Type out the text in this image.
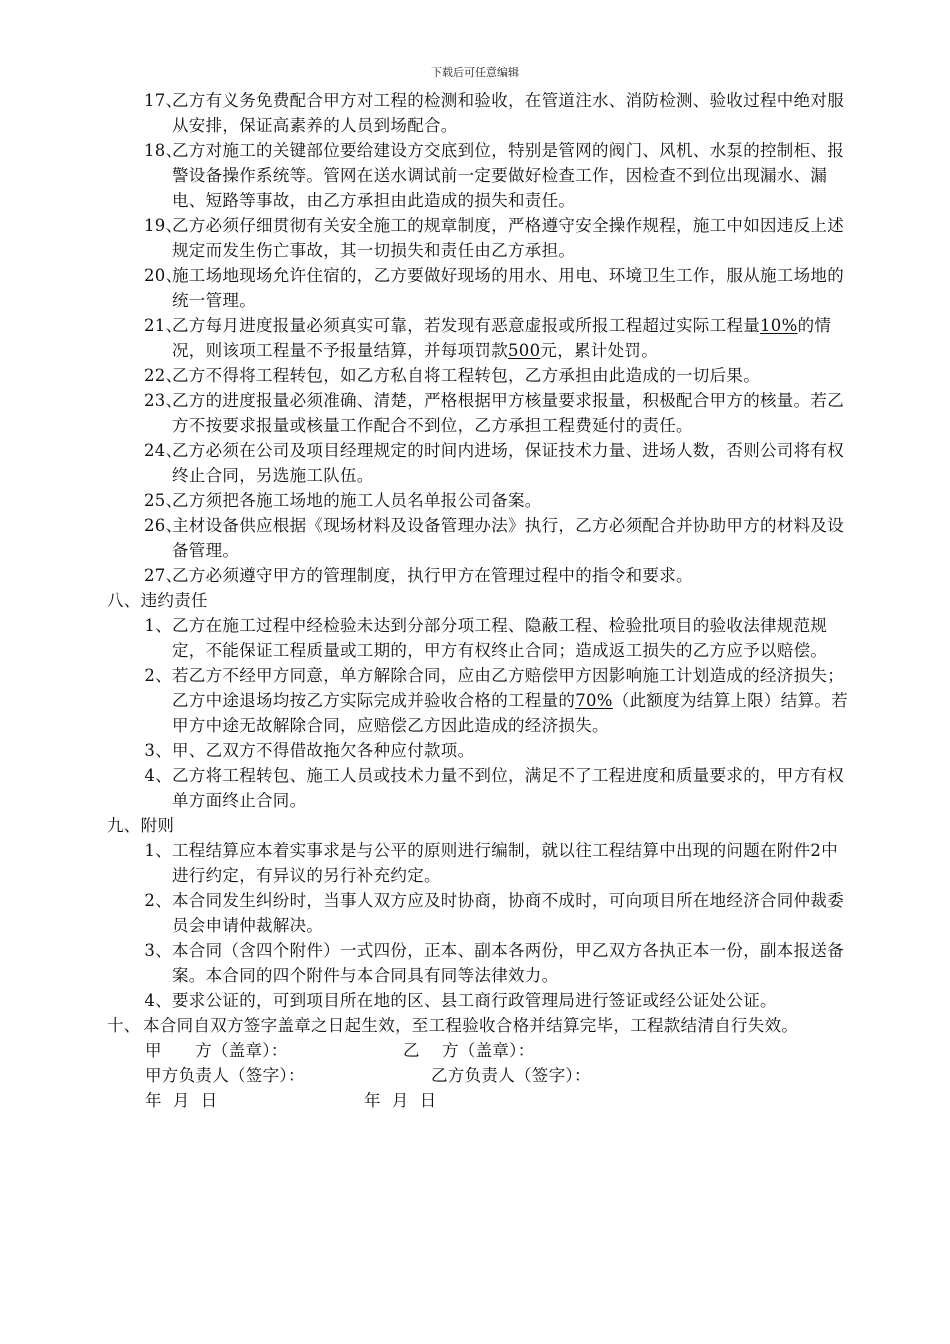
下载后可任意编辑
17、
乙方有义务免费配合甲方对工程的检测和验收，在管道注水、消防检测、验收过程中绝对服从安排，保证高素养的人员到场配合。
18、
乙方对施工的关键部位要给建设方交底到位，特别是管网的阀门、风机、水泵的控制柜、报警设备操作系统等。管网在送水调试前一定要做好检查工作，因检查不到位出现漏水、漏电、短路等事故，由乙方承担由此造成的损失和责任。
19、
乙方必须仔细贯彻有关安全施工的规章制度，严格遵守安全操作规程，施工中如因违反上述规定而发生伤亡事故，其一切损失和责任由乙方承担。
20、
施工场地现场允许住宿的，乙方要做好现场的用水、用电、环境卫生工作，服从施工场地的统一管理。
21、
乙方每月进度报量必须真实可靠，若发现有恶意虚报或所报工程超过实际工程量10%的情况，则该项工程量不予报量结算，并每项罚款500元，累计处罚。
22、
乙方不得将工程转包，如乙方私自将工程转包，乙方承担由此造成的一切后果。
23、
乙方的进度报量必须准确、清楚，严格根据甲方核量要求报量，积极配合甲方的核量。若乙方不按要求报量或核量工作配合不到位，乙方承担工程费延付的责任。
24、
乙方必须在公司及项目经理规定的时间内进场，保证技术力量、进场人数，否则公司将有权终止合同，另选施工队伍。
25、
乙方须把各施工场地的施工人员名单报公司备案。
26、
主材设备供应根据《现场材料及设备管理办法》执行，乙方必须配合并协助甲方的材料及设备管理。
27、
乙方必须遵守甲方的管理制度，执行甲方在管理过程中的指令和要求。
八、违约责任
1、 乙方在施工过程中经检验未达到分部分项工程、隐蔽工程、检验批项目的验收法律规范规定，不能保证工程质量或工期的，甲方有权终止合同；造成返工损失的乙方应予以赔偿。
2、 若乙方不经甲方同意，单方解除合同，应由乙方赔偿甲方因影响施工计划造成的经济损失；乙方中途退场均按乙方实际完成并验收合格的工程量的70%（此额度为结算上限）结算。若甲方中途无故解除合同，应赔偿乙方因此造成的经济损失。
3、 甲、乙双方不得借故拖欠各种应付款项。
4、 乙方将工程转包、施工人员或技术力量不到位，满足不了工程进度和质量要求的，甲方有权单方面终止合同。
九、附则
1、 工程结算应本着实事求是与公平的原则进行编制，就以往工程结算中出现的问题在附件2中进行约定，有异议的另行补充约定。
2、 本合同发生纠纷时，当事人双方应及时协商，协商不成时，可向项目所在地经济合同仲裁委员会申请仲裁解决。
3、 本合同（含四个附件）一式四份，正本、副本各两份，甲乙双方各执正本一份，副本报送备案。本合同的四个附件与本合同具有同等法律效力。
4、 要求公证的，可到项目所在地的区、县工商行政管理局进行签证或经公证处公证。
十、 本合同自双方签字盖章之日起生效，至工程验收合格并结算完毕，工程款结清自行失效。
甲      方（盖章）：	乙    方（盖章）：
甲方负责人（签字）：	乙方负责人（签字）：
年  月  日	年  月  日
